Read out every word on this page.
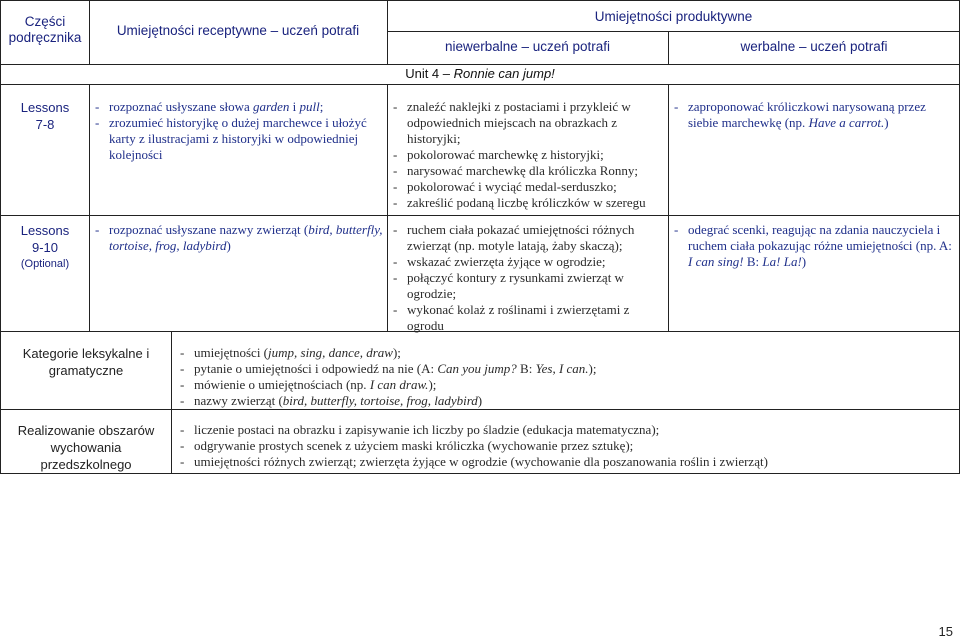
Części podręcznika	Umiejętności receptywne – uczeń potrafi
Umiejętności produktywne
niewerbalne – uczeń potrafi	werbalne – uczeń potrafi
Unit 4 – Ronnie can jump!
Lessons
7-8
- rozpoznać usłyszane słowa garden i pull;
- zrozumieć historyjkę o dużej marchewce i ułożyć karty z ilustracjami z historyjki w odpowiedniej kolejności
- znaleźć naklejki z postaciami i przykleić w odpowiednich miejscach na obrazkach z historyjki;
- pokolorować marchewkę z historyjki;
- narysować marchewkę dla króliczka Ronny;
- pokolorować i wyciąć medal-serduszko;
- zakreślić podaną liczbę króliczków w szeregu
- zaproponować króliczkowi narysowaną przez siebie marchewkę (np. Have a carrot.)
Lessons
9-10
(Optional)
- rozpoznać usłyszane nazwy zwierząt (bird, butterfly, tortoise, frog, ladybird)
- ruchem ciała pokazać umiejętności różnych zwierząt (np. motyle latają, żaby skaczą);
- wskazać zwierzęta żyjące w ogrodzie;
- połączyć kontury z rysunkami zwierząt w ogrodzie;
- wykonać kolaż z roślinami i zwierzętami z ogrodu
- odegrać scenki, reagując na zdania nauczyciela i ruchem ciała pokazując różne umiejętności (np. A: I can sing! B: La! La!)
Kategorie leksykalne i gramatyczne
- umiejętności (jump, sing, dance, draw);
- pytanie o umiejętności i odpowiedź na nie (A: Can you jump? B: Yes, I can.);
- mówienie o umiejętnościach (np. I can draw.);
- nazwy zwierząt (bird, butterfly, tortoise, frog, ladybird)
Realizowanie obszarów wychowania przedszkolnego
- liczenie postaci na obrazku i zapisywanie ich liczby po śladzie (edukacja matematyczna);
- odgrywanie prostych scenek z użyciem maski króliczka (wychowanie przez sztukę);
- umiejętności różnych zwierząt; zwierzęta żyjące w ogrodzie (wychowanie dla poszanowania roślin i zwierząt)
15
